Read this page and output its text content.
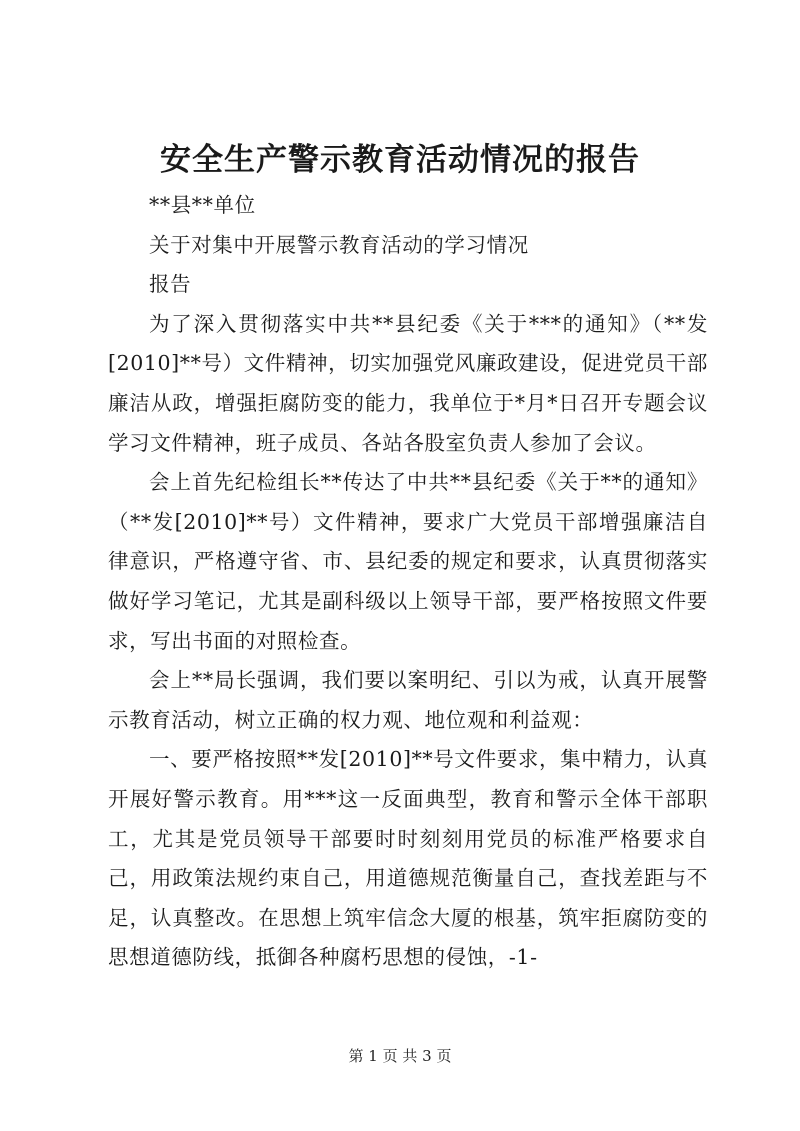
安全生产警示教育活动情况的报告

**县**单位

关于对集中开展警示教育活动的学习情况

报告

为了深入贯彻落实中共**县纪委《关于***的通知》（**发[2010]**号）文件精神，切实加强党风廉政建设，促进党员干部廉洁从政，增强拒腐防变的能力，我单位于*月*日召开专题会议学习文件精神，班子成员、各站各股室负责人参加了会议。

会上首先纪检组长**传达了中共**县纪委《关于**的通知》（**发[2010]**号）文件精神，要求广大党员干部增强廉洁自律意识，严格遵守省、市、县纪委的规定和要求，认真贯彻落实做好学习笔记，尤其是副科级以上领导干部，要严格按照文件要求，写出书面的对照检查。

会上**局长强调，我们要以案明纪、引以为戒，认真开展警示教育活动，树立正确的权力观、地位观和利益观：

一、要严格按照**发[2010]**号文件要求，集中精力，认真开展好警示教育。用***这一反面典型，教育和警示全体干部职工，尤其是党员领导干部要时时刻刻用党员的标准严格要求自己，用政策法规约束自己，用道德规范衡量自己，查找差距与不足，认真整改。在思想上筑牢信念大厦的根基，筑牢拒腐防变的思想道德防线，抵御各种腐朽思想的侵蚀，-1-

第 1 页 共 3 页
